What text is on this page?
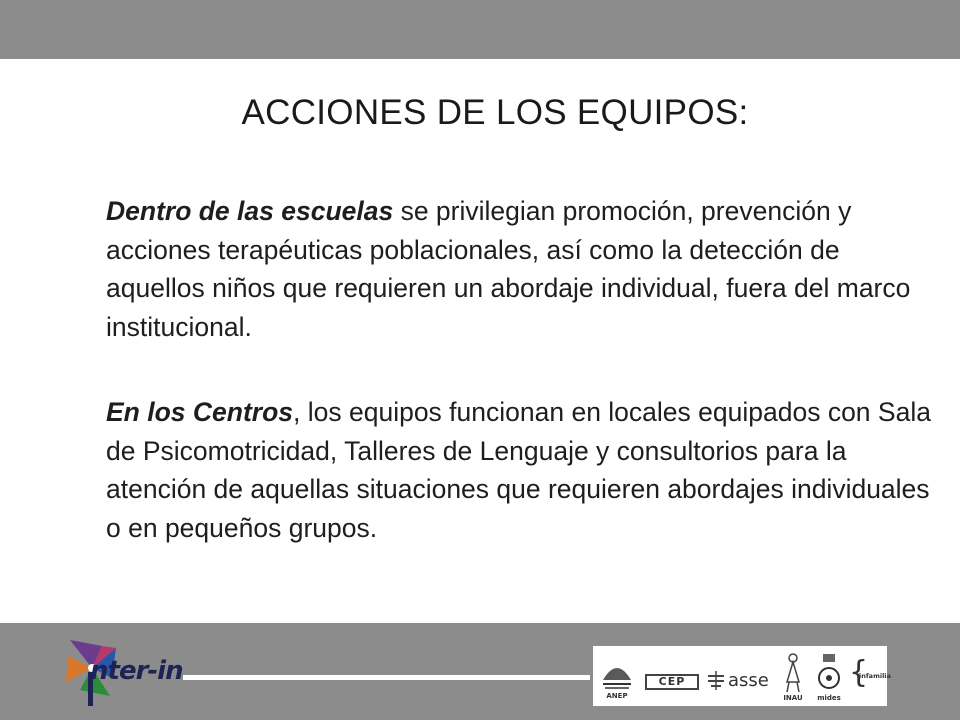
ACCIONES DE LOS EQUIPOS:

Dentro de las escuelas se privilegian promoción, prevención y acciones terapéuticas poblacionales, así como la detección de aquellos niños que requieren un abordaje individual, fuera del marco institucional.

En los Centros, los equipos funcionan en locales equipados con Sala de Psicomotricidad, Talleres de Lenguaje y consultorios para la atención de aquellas situaciones que requieren abordajes individuales o en pequeños grupos.

nter-in
ANEP
CEP	asse
INAU	mides
{
infamilia
